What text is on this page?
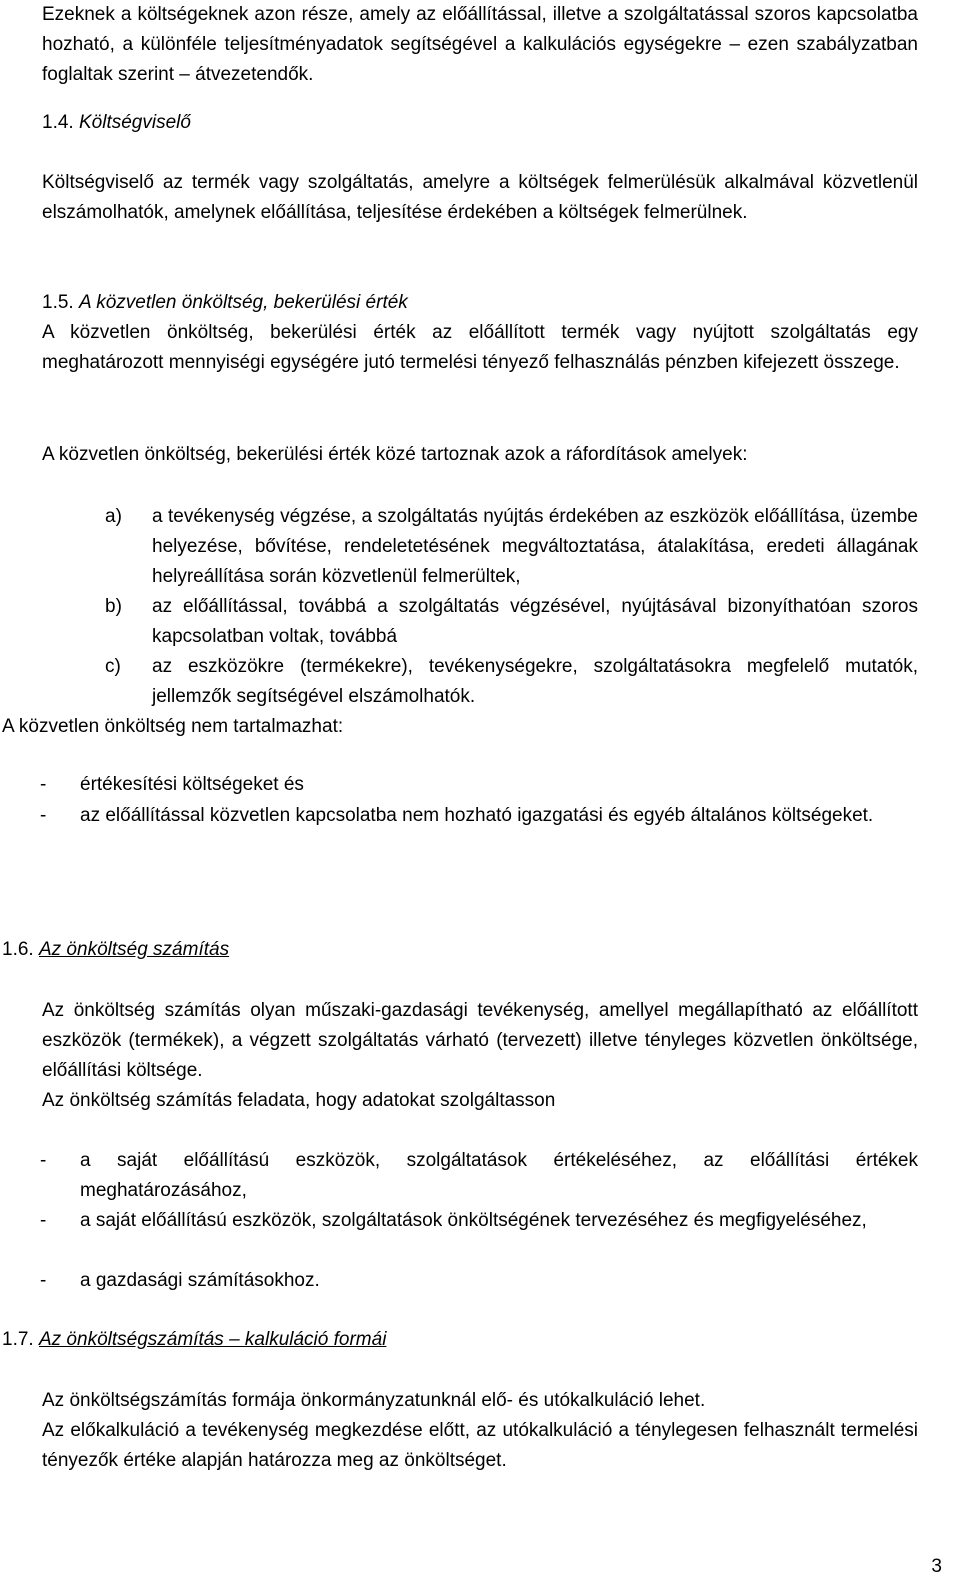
Ezeknek a költségeknek azon része, amely az előállítással, illetve a szolgáltatással szoros kapcsolatba hozható, a különféle teljesítményadatok segítségével a kalkulációs egységekre – ezen szabályzatban foglaltak szerint – átvezetendők.

1.4. Költségviselő

Költségviselő az termék vagy szolgáltatás, amelyre a költségek felmerülésük alkalmával közvetlenül elszámolhatók, amelynek előállítása, teljesítése érdekében a költségek felmerülnek.

1.5. A közvetlen önköltség, bekerülési érték

A közvetlen önköltség, bekerülési érték az előállított termék vagy nyújtott szolgáltatás egy meghatározott mennyiségi egységére jutó termelési tényező felhasználás pénzben kifejezett összege.

A közvetlen önköltség, bekerülési érték közé tartoznak azok a ráfordítások amelyek:

a) a tevékenység végzése, a szolgáltatás nyújtás érdekében az eszközök előállítása, üzembe helyezése, bővítése, rendeletetésének megváltoztatása, átalakítása, eredeti állagának helyreállítása során közvetlenül felmerültek,

b) az előállítással, továbbá a szolgáltatás végzésével, nyújtásával bizonyíthatóan szoros kapcsolatban voltak, továbbá

c) az eszközökre (termékekre), tevékenységekre, szolgáltatásokra megfelelő mutatók, jellemzők segítségével elszámolhatók.

A közvetlen önköltség nem tartalmazhat:

- értékesítési költségeket és

- az előállítással közvetlen kapcsolatba nem hozható igazgatási és egyéb általános költségeket.

1.6. Az önköltség számítás

Az önköltség számítás olyan műszaki-gazdasági tevékenység, amellyel megállapítható az előállított eszközök (termékek), a végzett szolgáltatás várható (tervezett) illetve tényleges közvetlen önköltsége, előállítási költsége.

Az önköltség számítás feladata, hogy adatokat szolgáltasson

- a saját előállítású eszközök, szolgáltatások értékeléséhez, az előállítási értékek meghatározásához,

- a saját előállítású eszközök, szolgáltatások önköltségének tervezéséhez és megfigyeléséhez,

- a gazdasági számításokhoz.

1.7. Az önköltségszámítás – kalkuláció formái

Az önköltségszámítás formája önkormányzatunknál elő- és utókalkuláció lehet.

Az előkalkuláció a tevékenység megkezdése előtt, az utókalkuláció a ténylegesen felhasznált termelési tényezők értéke alapján határozza meg az önköltséget.

3
